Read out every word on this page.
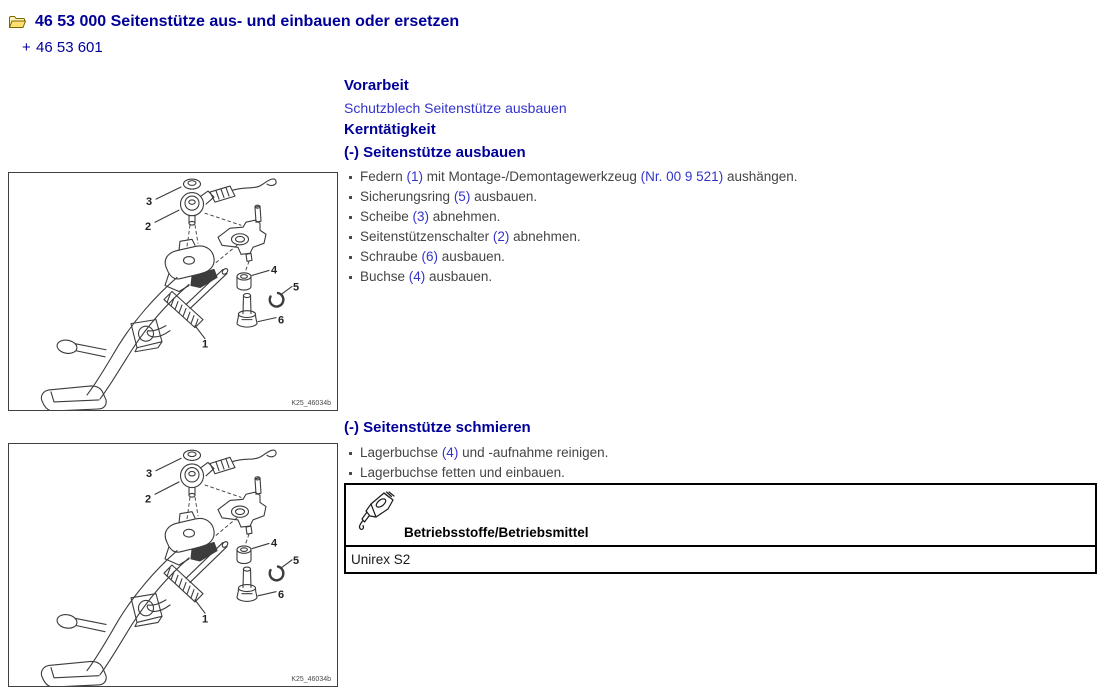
46 53 000 Seitenstütze aus- und einbauen oder ersetzen
+ 46 53 601
Vorarbeit
Schutzblech Seitenstütze ausbauen
Kerntätigkeit
(-) Seitenstütze ausbauen
Federn (1) mit Montage-/Demontagewerkzeug (Nr. 00 9 521) aushängen.
Sicherungsring (5) ausbauen.
Scheibe (3) abnehmen.
Seitenstützenschalter (2) abnehmen.
Schraube (6) ausbauen.
Buchse (4) ausbauen.
(-) Seitenstütze schmieren
Lagerbuchse (4) und -aufnahme reinigen.
Lagerbuchse fetten und einbauen.
Betriebsstoffe/Betriebsmittel
Unirex S2
1
2
3
4
5
6
K25_46034b
1
2
3
4
5
6
K25_46034b
